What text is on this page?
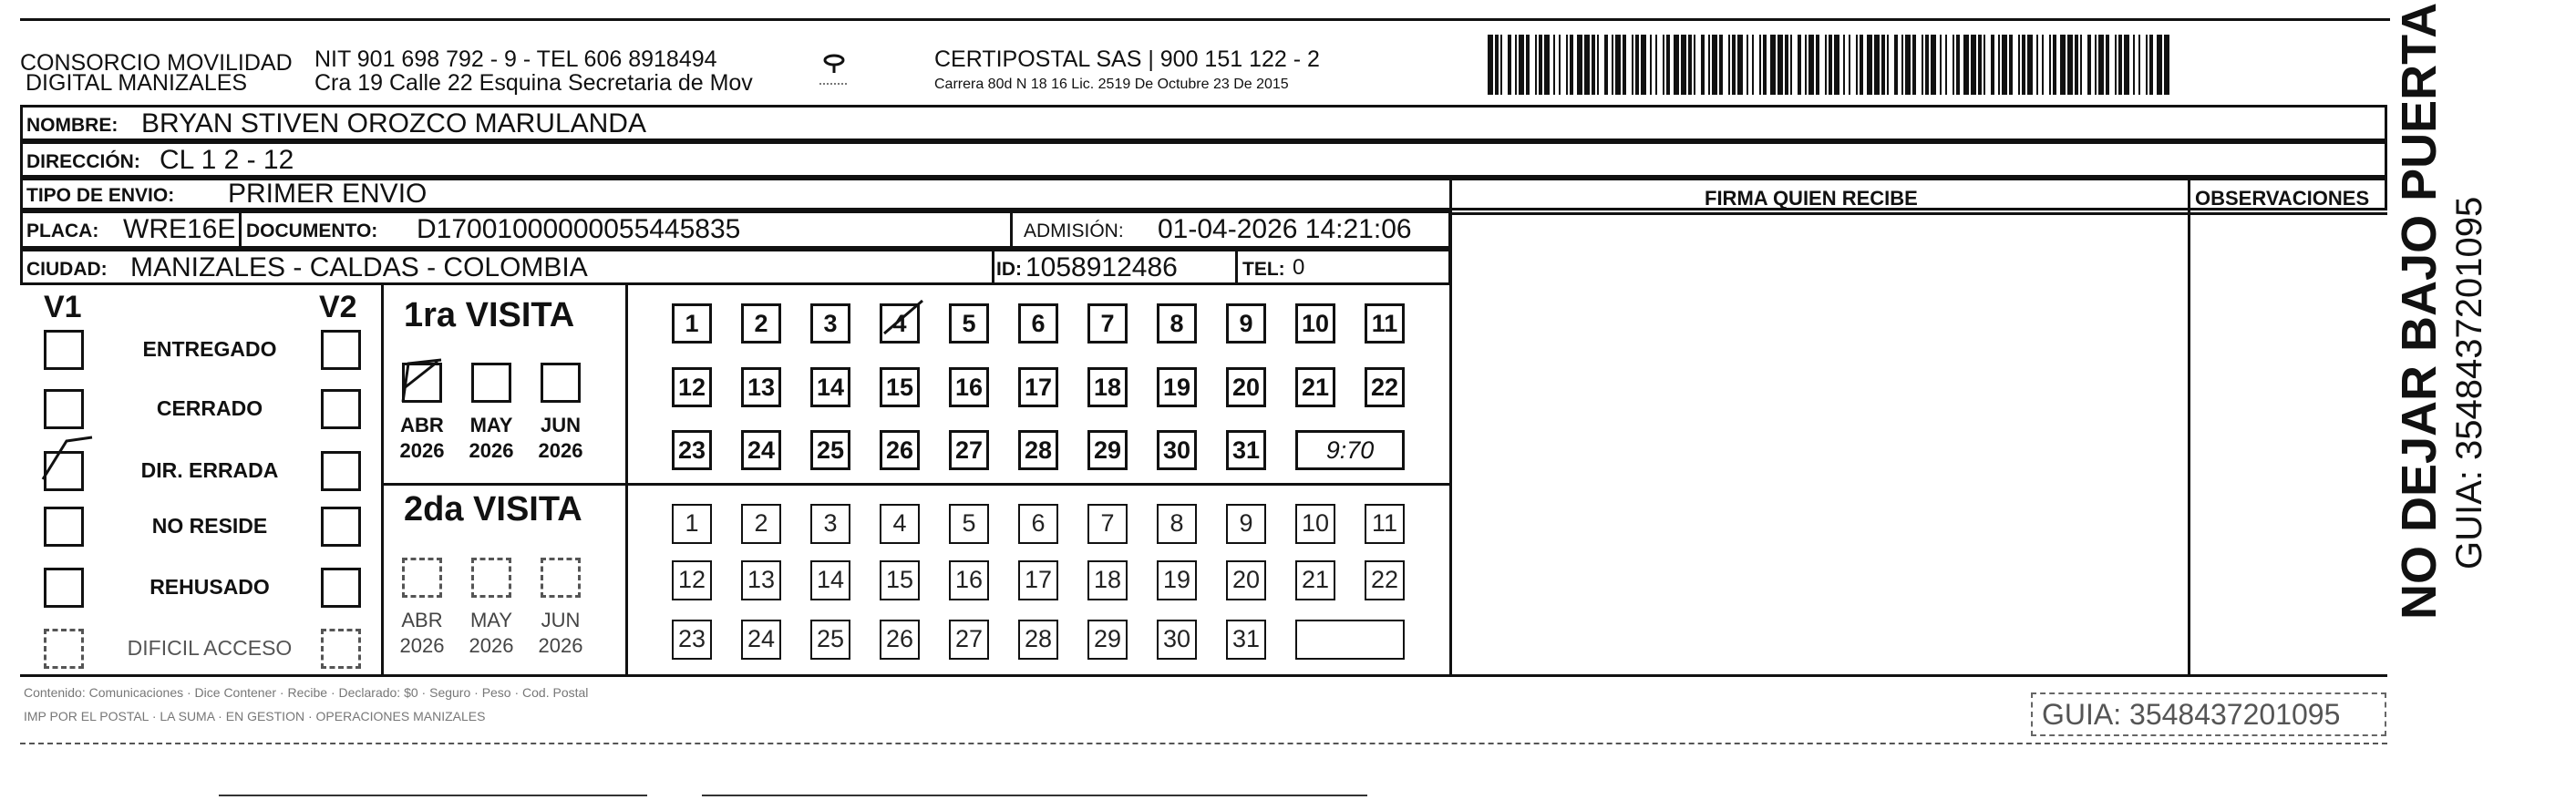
CONSORCIO MOVILIDAD
DIGITAL MANIZALES
NIT 901 698 792 - 9 - TEL 606 8918494
Cra 19 Calle 22 Esquina Secretaria de Mov
CERTIPOSTAL SAS | 900 151 122 - 2
Carrera 80d N 18 16 Lic. 2519 De Octubre 23 De 2015
NOMBRE: BRYAN STIVEN OROZCO MARULANDA
DIRECCIÓN: CL 1 2 - 12
TIPO DE ENVIO: PRIMER ENVIO
PLACA: WRE16E DOCUMENTO: D17001000000055445835	ADMISIÓN: 01-04-2026 14:21:06
CIUDAD: MANIZALES - CALDAS - COLOMBIA	ID: 1058912486	TEL: 0
FIRMA QUIEN RECIBE	OBSERVACIONES
V1	V2 1ra VISITA
2da VISITA
Contenido: Comunicaciones · Dice Contener · Recibe · Declarado: $0 · Seguro · Peso · Cod. Postal
IMP POR EL POSTAL · LA SUMA · EN GESTION · OPERACIONES MANIZALES	GUIA: 3548437201095
NO DEJAR BAJO PUERTA GUIA: 3548437201095
ENTREGADO
CERRADO
DIR. ERRADA
NO RESIDE
REHUSADO
DIFICIL ACCESO
ABR
2026
MAY
2026
JUN
2026
ABR
2026
MAY
2026
JUN
2026
1	2	3	4	5	6	7	8	9	10 11
12 13 14 15 16 17 18 19 20 21 22
23 24 25 26 27 28 29 30 31	9:70
1	2	3	4	5	6	7	8	9	10 11
12 13 14 15 16 17 18 19 20 21 22
23 24 25 26 27 28 29 30 31
